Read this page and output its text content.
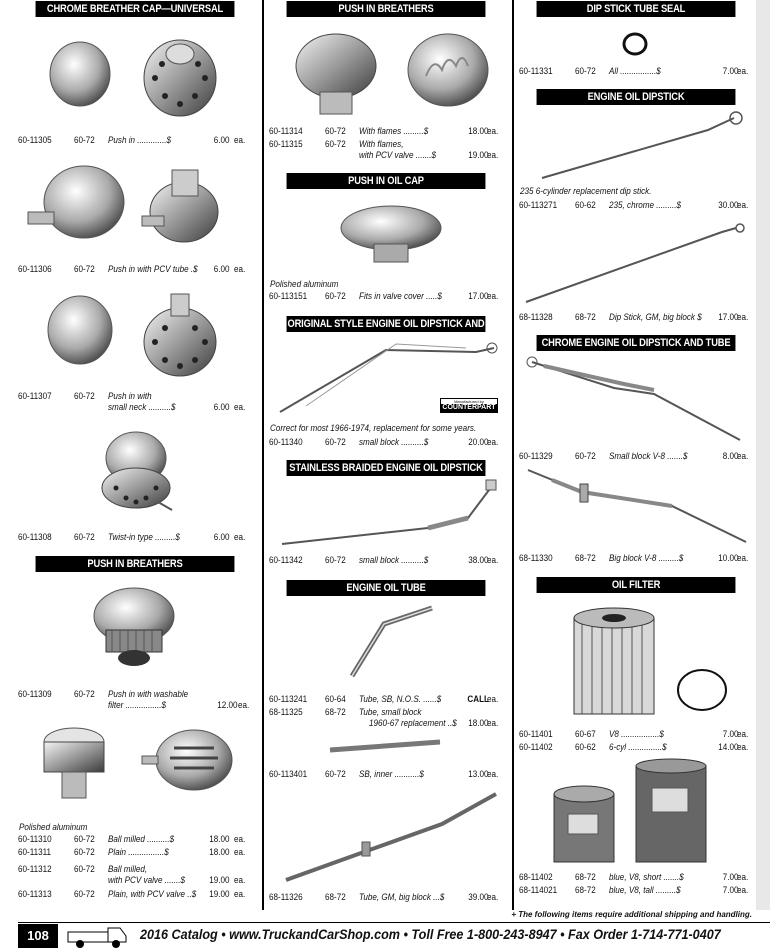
CHROME BREATHER CAP—UNIVERSAL
60-11305	60-72	Push in .............$	6.00 ea.
60-11306	60-72	Push in with PCV tube .$ 6.00 ea.
60-11307	60-72	Push in with
small neck ..........$	6.00 ea.
60-11308	60-72	Twist-in type .........$	6.00 ea.
PUSH IN BREATHERS
60-11309	60-72	Push in with washable
filter ................$	12.00 ea.
Polished aluminum
60-11310	60-72	Ball milled ..........$	18.00 ea.
60-11311	60-72	Plain ................$	18.00 ea.
60-11312	60-72	Ball milled,
with PCV valve .......$	19.00 ea.
60-11313	60-72	Plain, with PCV valve ..$ 19.00 ea.
PUSH IN BREATHERS
60-11314	60-72	With flames .........$	18.00
ea.
60-11315	60-72	With flames,
with PCV valve .......$	19.00
ea.
PUSH IN OIL CAP
Polished aluminum
60-113151	60-72	Fits in valve cover .....$	17.00
ea.
ORIGINAL STYLE ENGINE OIL DIPSTICK AND TUBE
Manufactured by
COUNTERPART
Correct for most 1966-1974, replacement for some years.
60-11340	60-72	small block ..........$	20.00
ea.
STAINLESS BRAIDED ENGINE OIL DIPSTICK AND TUBE
60-11342	60-72	small block ..........$	38.00
ea.
ENGINE OIL TUBE
60-113241	60-64	Tube, SB, N.O.S. ......$	CALL
ea.
68-11325	68-72	Tube, small block
1960-67 replacement ..$ 18.00
ea.
60-113401	60-72	SB, inner ...........$	13.00
ea.
68-11326	68-72	Tube, GM, big block ...$	39.00
ea.
DIP STICK TUBE SEAL
60-11331	60-72	All ................$	7.00
ea.
ENGINE OIL DIPSTICK
235 6-cylinder replacement dip stick.
60-113271	60-62	235, chrome .........$	30.00
ea.
68-11328	68-72	Dip Stick, GM, big block $ 17.00
ea.
CHROME ENGINE OIL DIPSTICK AND TUBE
60-11329	60-72	Small block V-8 .......$	8.00
ea.
68-11330	68-72	Big block V-8 .........$	10.00
ea.
OIL FILTER
60-11401	60-67	V8 .................$	7.00
ea.
60-11402	60-62	6-cyl ...............$	14.00
ea.
68-11402	68-72	blue, V8, short .......$	7.00
ea.
68-114021	68-72	blue, V8, tall .........$	7.00
ea.
+ The following items require additional shipping and handling.
108	2016 Catalog • www.TruckandCarShop.com • Toll Free 1-800-243-8947 • Fax Order 1-714-771-0407
